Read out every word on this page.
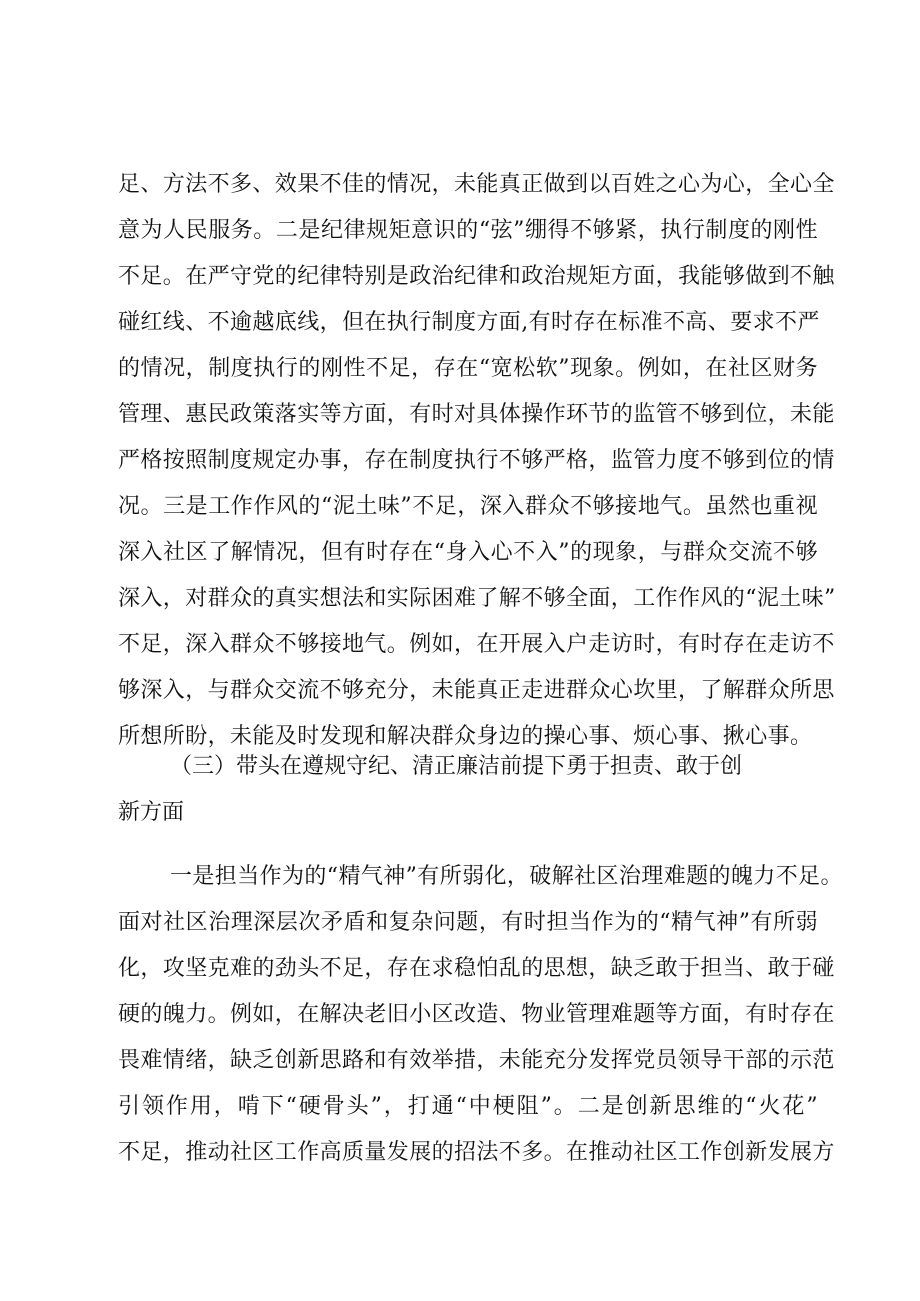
足、方法不多、效果不佳的情况，未能真正做到以百姓之心为心，全心全
意为人民服务。二是纪律规矩意识的“弦”绷得不够紧，执行制度的刚性
不足。在严守党的纪律特别是政治纪律和政治规矩方面，我能够做到不触
碰红线、不逾越底线，但在执行制度方面,有时存在标准不高、要求不严
的情况，制度执行的刚性不足，存在“宽松软”现象。例如，在社区财务
管理、惠民政策落实等方面，有时对具体操作环节的监管不够到位，未能
严格按照制度规定办事，存在制度执行不够严格，监管力度不够到位的情
况。三是工作作风的“泥土味”不足，深入群众不够接地气。虽然也重视
深入社区了解情况，但有时存在“身入心不入”的现象，与群众交流不够
深入，对群众的真实想法和实际困难了解不够全面，工作作风的“泥土味”
不足，深入群众不够接地气。例如，在开展入户走访时，有时存在走访不
够深入，与群众交流不够充分，未能真正走进群众心坎里，了解群众所思
所想所盼，未能及时发现和解决群众身边的操心事、烦心事、揪心事。
（三）带头在遵规守纪、清正廉洁前提下勇于担责、敢于创
新方面
一是担当作为的“精气神”有所弱化，破解社区治理难题的魄力不足。
面对社区治理深层次矛盾和复杂问题，有时担当作为的“精气神”有所弱
化，攻坚克难的劲头不足，存在求稳怕乱的思想，缺乏敢于担当、敢于碰
硬的魄力。例如，在解决老旧小区改造、物业管理难题等方面，有时存在
畏难情绪，缺乏创新思路和有效举措，未能充分发挥党员领导干部的示范
引领作用，啃下“硬骨头”，打通“中梗阻”。二是创新思维的“火花”
不足，推动社区工作高质量发展的招法不多。在推动社区工作创新发展方
